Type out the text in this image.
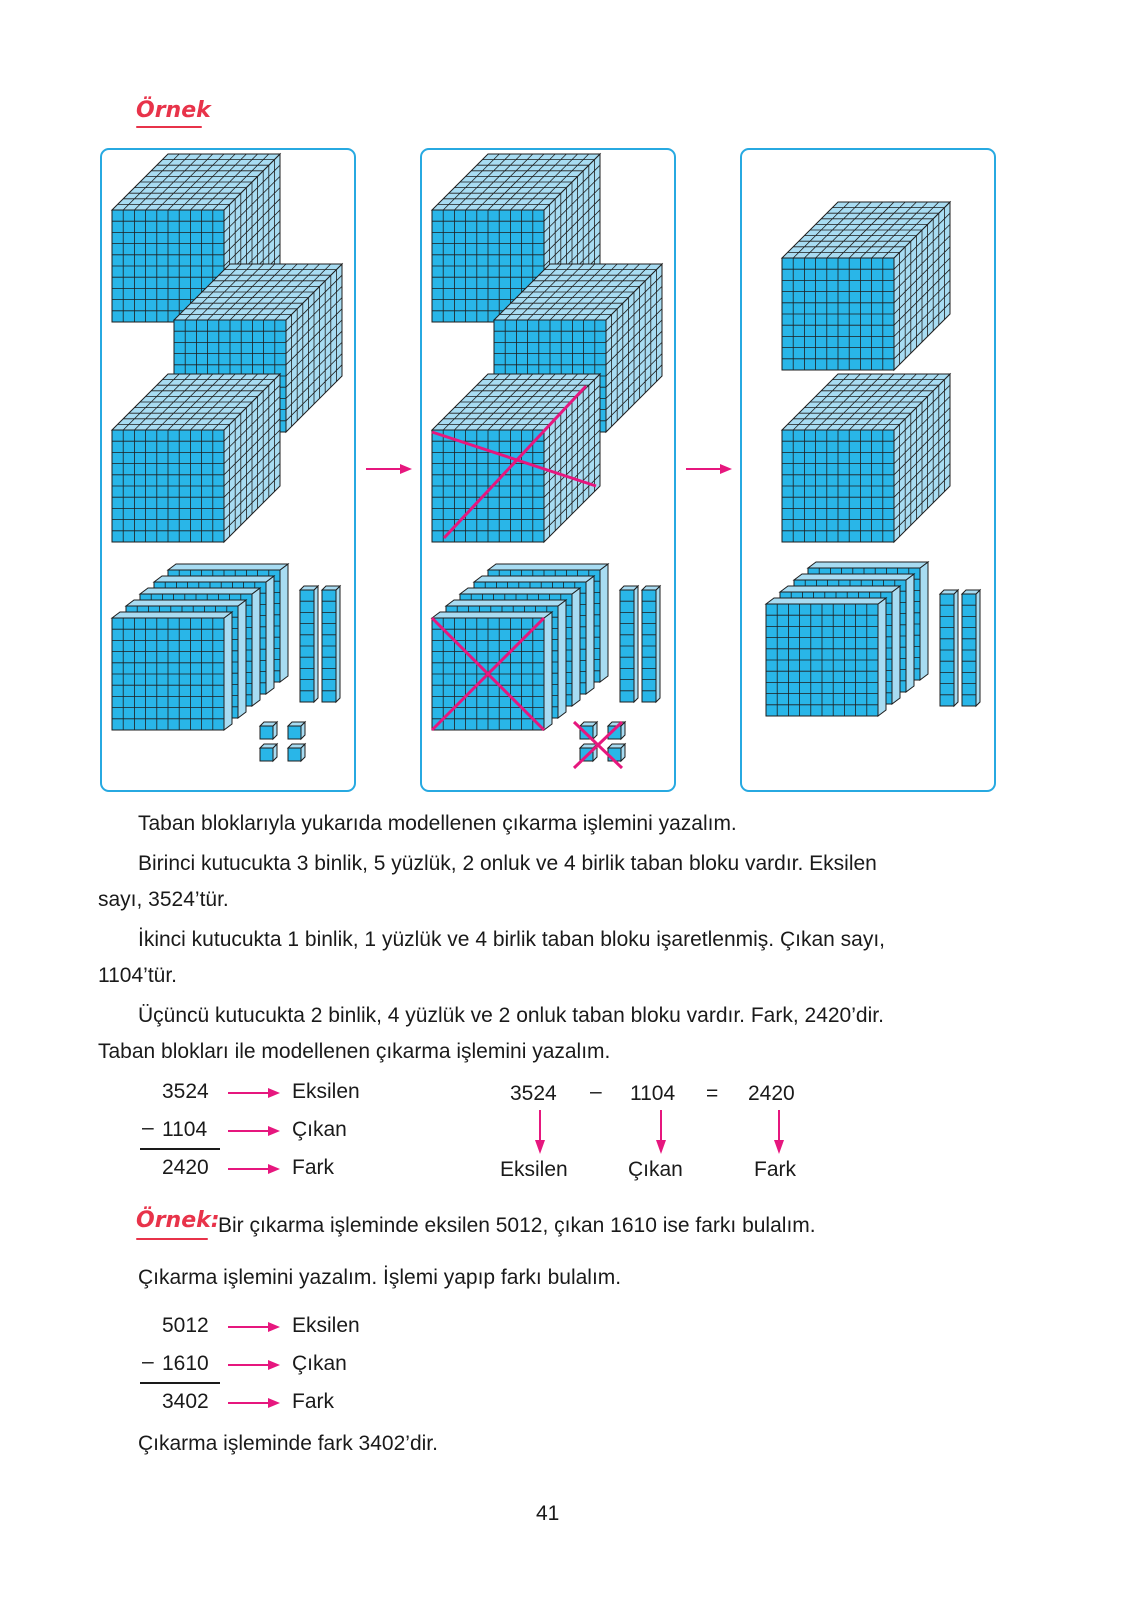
Örnek
Taban bloklarıyla yukarıda modellenen çıkarma işlemini yazalım.
Birinci kutucukta 3 binlik, 5 yüzlük, 2 onluk ve 4 birlik taban bloku vardır. Eksilen
sayı, 3524’tür.
İkinci kutucukta 1 binlik, 1 yüzlük ve 4 birlik taban bloku işaretlenmiş. Çıkan sayı,
1104’tür.
Üçüncü kutucukta 2 binlik, 4 yüzlük ve 2 onluk taban bloku vardır. Fark, 2420’dir.
Taban blokları ile modellenen çıkarma işlemini yazalım.
3524
– 1104
2420
Eksilen
Çıkan
Fark
3524 – 1104 = 2420
Eksilen	Çıkan	Fark
Örnek:
Bir çıkarma işleminde eksilen 5012, çıkan 1610 ise farkı bulalım.
Çıkarma işlemini yazalım. İşlemi yapıp farkı bulalım.
5012
– 1610
3402
Eksilen
Çıkan
Fark
Çıkarma işleminde fark 3402’dir.
41
